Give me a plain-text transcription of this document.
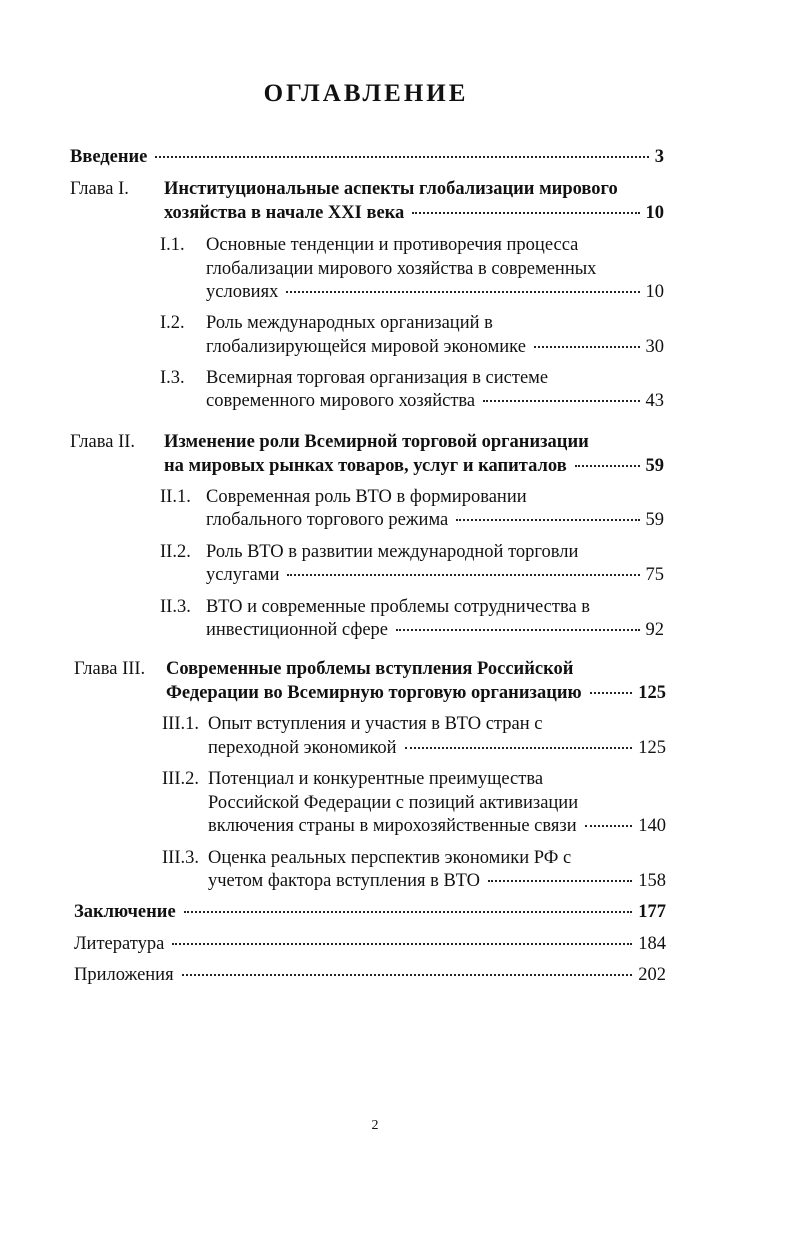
ОГЛАВЛЕНИЕ
Введение	3
Глава I.	Институциональные аспекты глобализации мирового
хозяйства в начале XXI века	10
I.1.	Основные тенденции и противоречия процесса
глобализации мирового хозяйства в современных
условиях	10
I.2.	Роль международных организаций в
глобализирующейся мировой экономике	30
I.3.	Всемирная торговая организация в системе
современного мирового хозяйства	43
Глава II.	Изменение роли Всемирной торговой организации
на мировых рынках товаров, услуг и капиталов	59
II.1. Современная роль ВТО в формировании
глобального торгового режима	59
II.2. Роль ВТО в развитии международной торговли
услугами	75
II.3. ВТО и современные проблемы сотрудничества в
инвестиционной сфере	92
Глава III.	Современные проблемы вступления Российской
Федерации во Всемирную торговую организацию	125
III.1. Опыт вступления и участия в ВТО стран с
переходной экономикой	125
III.2. Потенциал и конкурентные преимущества
Российской Федерации с позиций активизации
включения страны в мирохозяйственные связи	140
III.3. Оценка реальных перспектив экономики РФ с
учетом фактора вступления в ВТО	158
Заключение	177
Литература	184
Приложения	202
2
